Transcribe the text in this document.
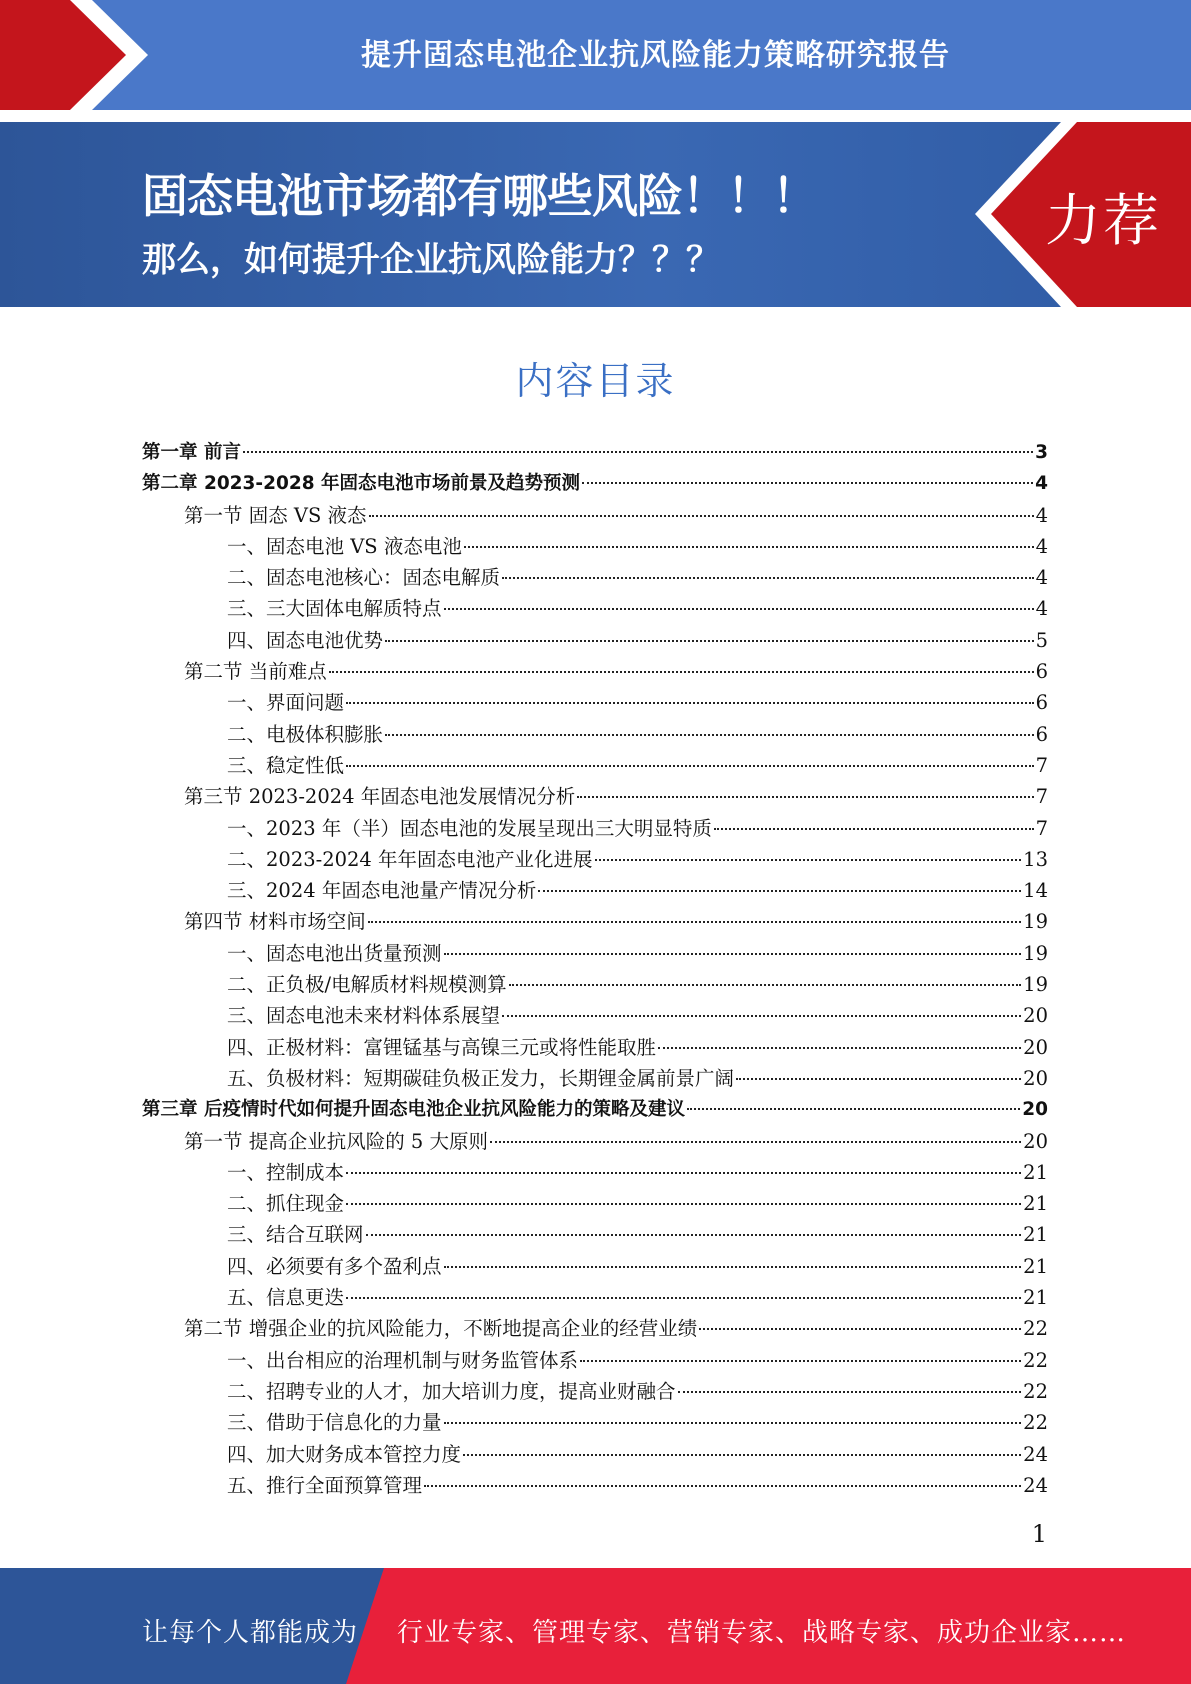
提升固态电池企业抗风险能力策略研究报告
固态电池市场都有哪些风险！！！
那么，如何提升企业抗风险能力？？？
力荐
内容目录
第一章 前言	3
第二章 2023-2028 年固态电池市场前景及趋势预测	4
第一节 固态 VS 液态	4
一、固态电池 VS 液态电池	4
二、固态电池核心：固态电解质	4
三、三大固体电解质特点	4
四、固态电池优势	5
第二节 当前难点	6
一、界面问题	6
二、电极体积膨胀	6
三、稳定性低	7
第三节 2023-2024 年固态电池发展情况分析	7
一、2023 年（半）固态电池的发展呈现出三大明显特质	7
二、2023-2024 年年固态电池产业化进展	13
三、2024 年固态电池量产情况分析	14
第四节 材料市场空间	19
一、固态电池出货量预测	19
二、正负极/电解质材料规模测算	19
三、固态电池未来材料体系展望	20
四、正极材料：富锂锰基与高镍三元或将性能取胜	20
五、负极材料：短期碳硅负极正发力，长期锂金属前景广阔	20
第三章 后疫情时代如何提升固态电池企业抗风险能力的策略及建议	20
第一节 提高企业抗风险的 5 大原则	20
一、控制成本	21
二、抓住现金	21
三、结合互联网	21
四、必须要有多个盈利点	21
五、信息更迭	21
第二节 增强企业的抗风险能力，不断地提高企业的经营业绩	22
一、出台相应的治理机制与财务监管体系	22
二、招聘专业的人才，加大培训力度，提高业财融合	22
三、借助于信息化的力量	22
四、加大财务成本管控力度	24
五、推行全面预算管理	24
1
让每个人都能成为 行业专家、管理专家、营销专家、战略专家、成功企业家……
